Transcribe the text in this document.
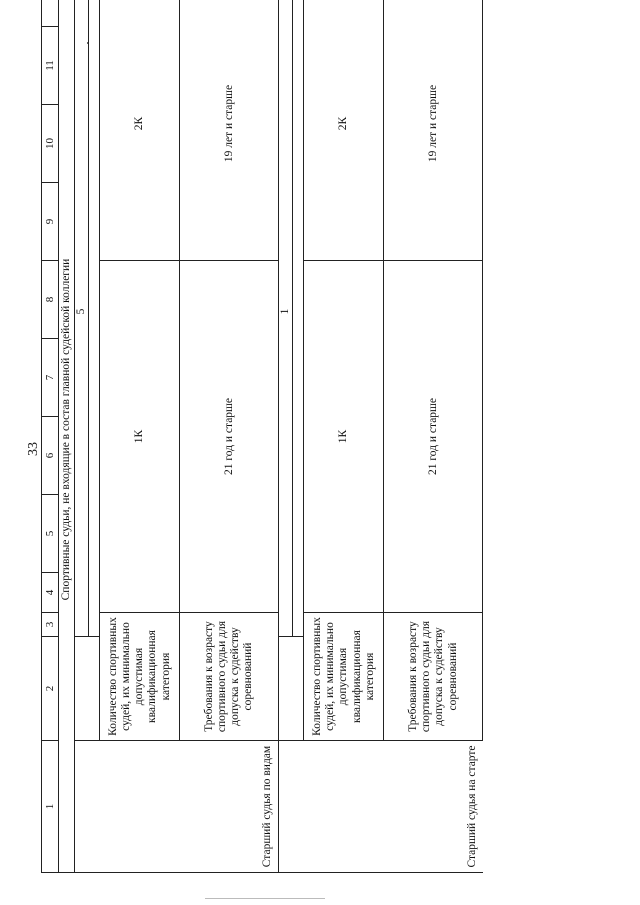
33
1	2	3	4	5	6	7	8	9	10	11		
Спортивные судьи, не входящие в состав главной судейской коллегии												
Старший судья по видам		5										

	Количество спортивных судей, их минимально допустимая квалификационная категория		1К					2К	
	Требования к возрасту спортивного судьи для допуска к судейству соревнований		21 год и старше					19 лет и старше	
Старший судья на старте		1										

	Количество спортивных судей, их минимально допустимая квалификационная категория		1К					2К	
	Требования к возрасту спортивного судьи для допуска к судейству соревнований		21 год и старше					19 лет и старше	
